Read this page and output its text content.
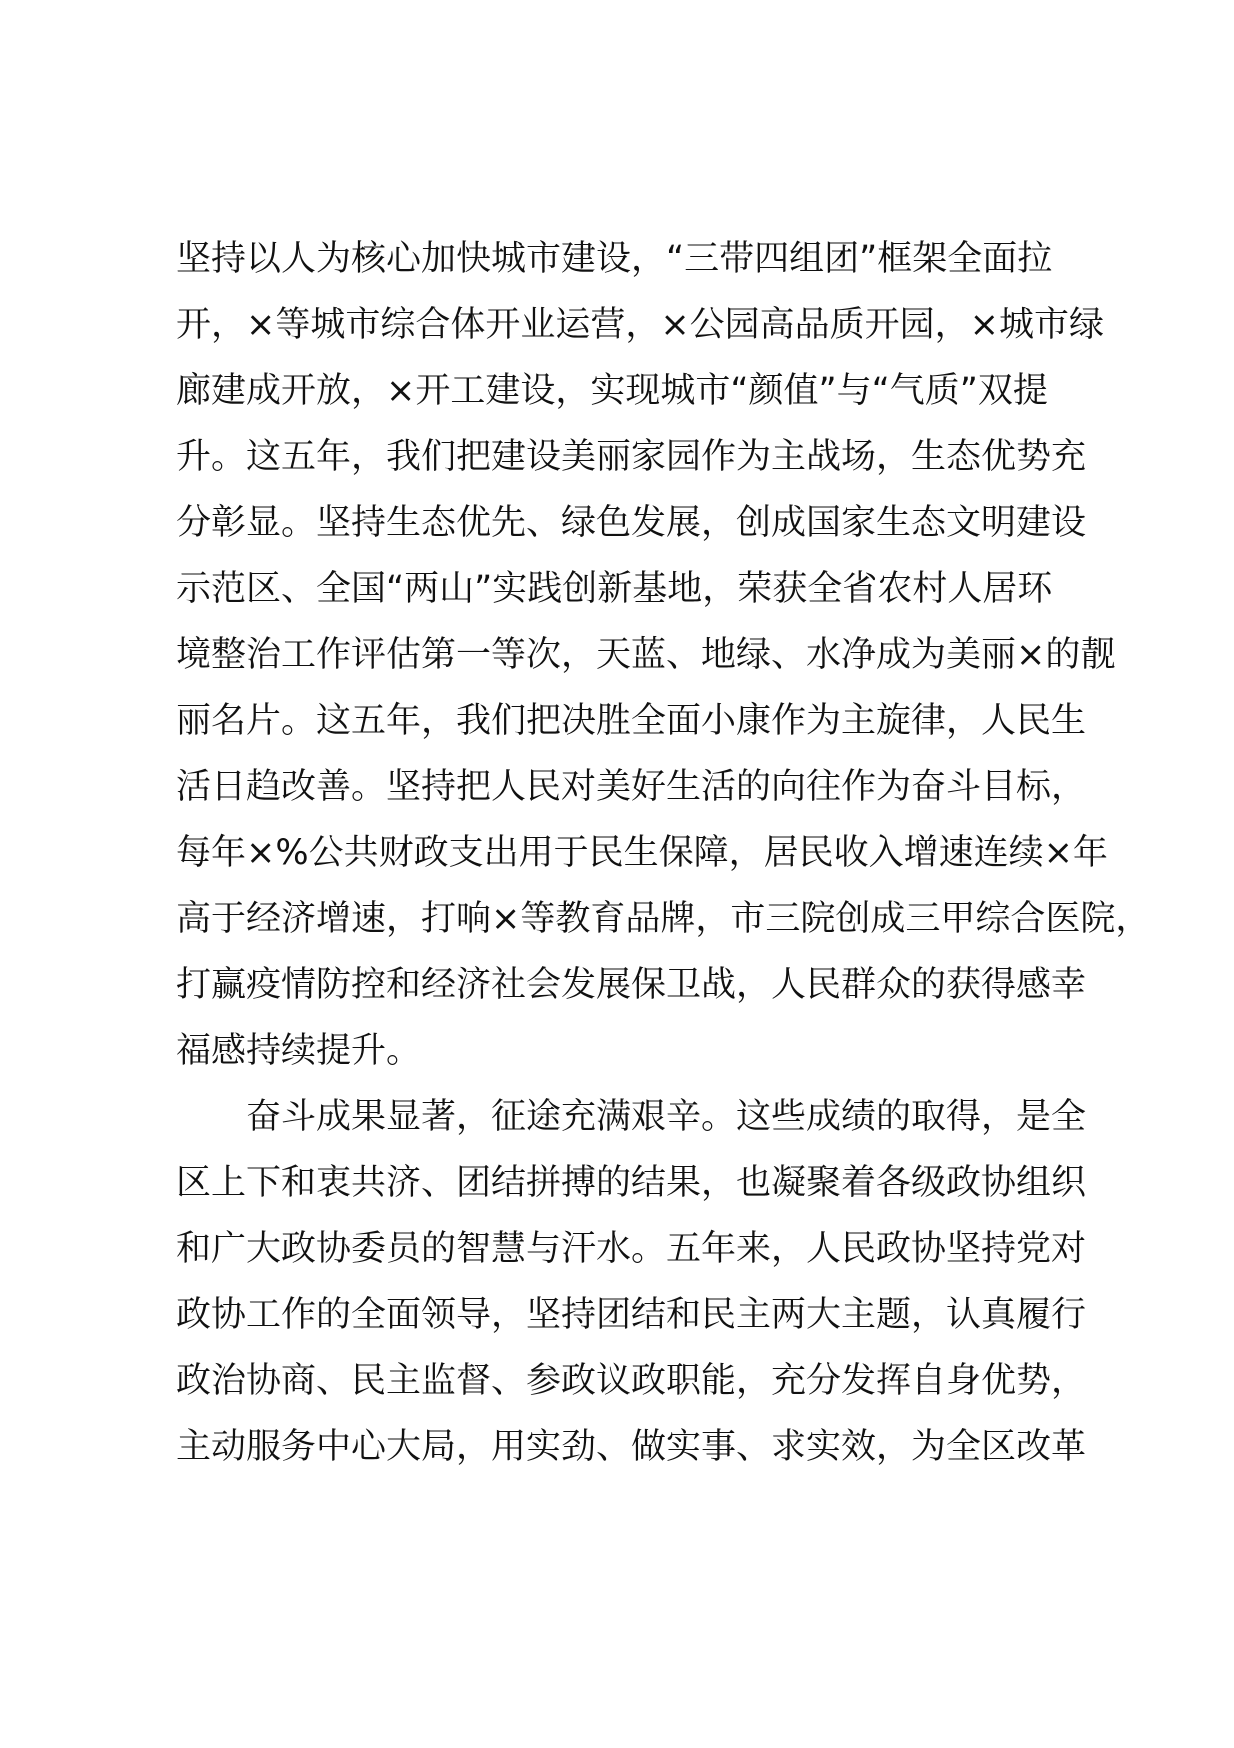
坚持以人为核心加快城市建设，“三带四组团”框架全面拉
开，×等城市综合体开业运营，×公园高品质开园，×城市绿
廊建成开放，×开工建设，实现城市“颜值”与“气质”双提
升。这五年，我们把建设美丽家园作为主战场，生态优势充
分彰显。坚持生态优先、绿色发展，创成国家生态文明建设
示范区、全国“两山”实践创新基地，荣获全省农村人居环
境整治工作评估第一等次，天蓝、地绿、水净成为美丽×的靓
丽名片。这五年，我们把决胜全面小康作为主旋律，人民生
活日趋改善。坚持把人民对美好生活的向往作为奋斗目标，
每年×%公共财政支出用于民生保障，居民收入增速连续×年
高于经济增速，打响×等教育品牌，市三院创成三甲综合医院，
打赢疫情防控和经济社会发展保卫战，人民群众的获得感幸
福感持续提升。
奋斗成果显著，征途充满艰辛。这些成绩的取得，是全
区上下和衷共济、团结拼搏的结果，也凝聚着各级政协组织
和广大政协委员的智慧与汗水。五年来，人民政协坚持党对
政协工作的全面领导，坚持团结和民主两大主题，认真履行
政治协商、民主监督、参政议政职能，充分发挥自身优势，
主动服务中心大局，用实劲、做实事、求实效，为全区改革
